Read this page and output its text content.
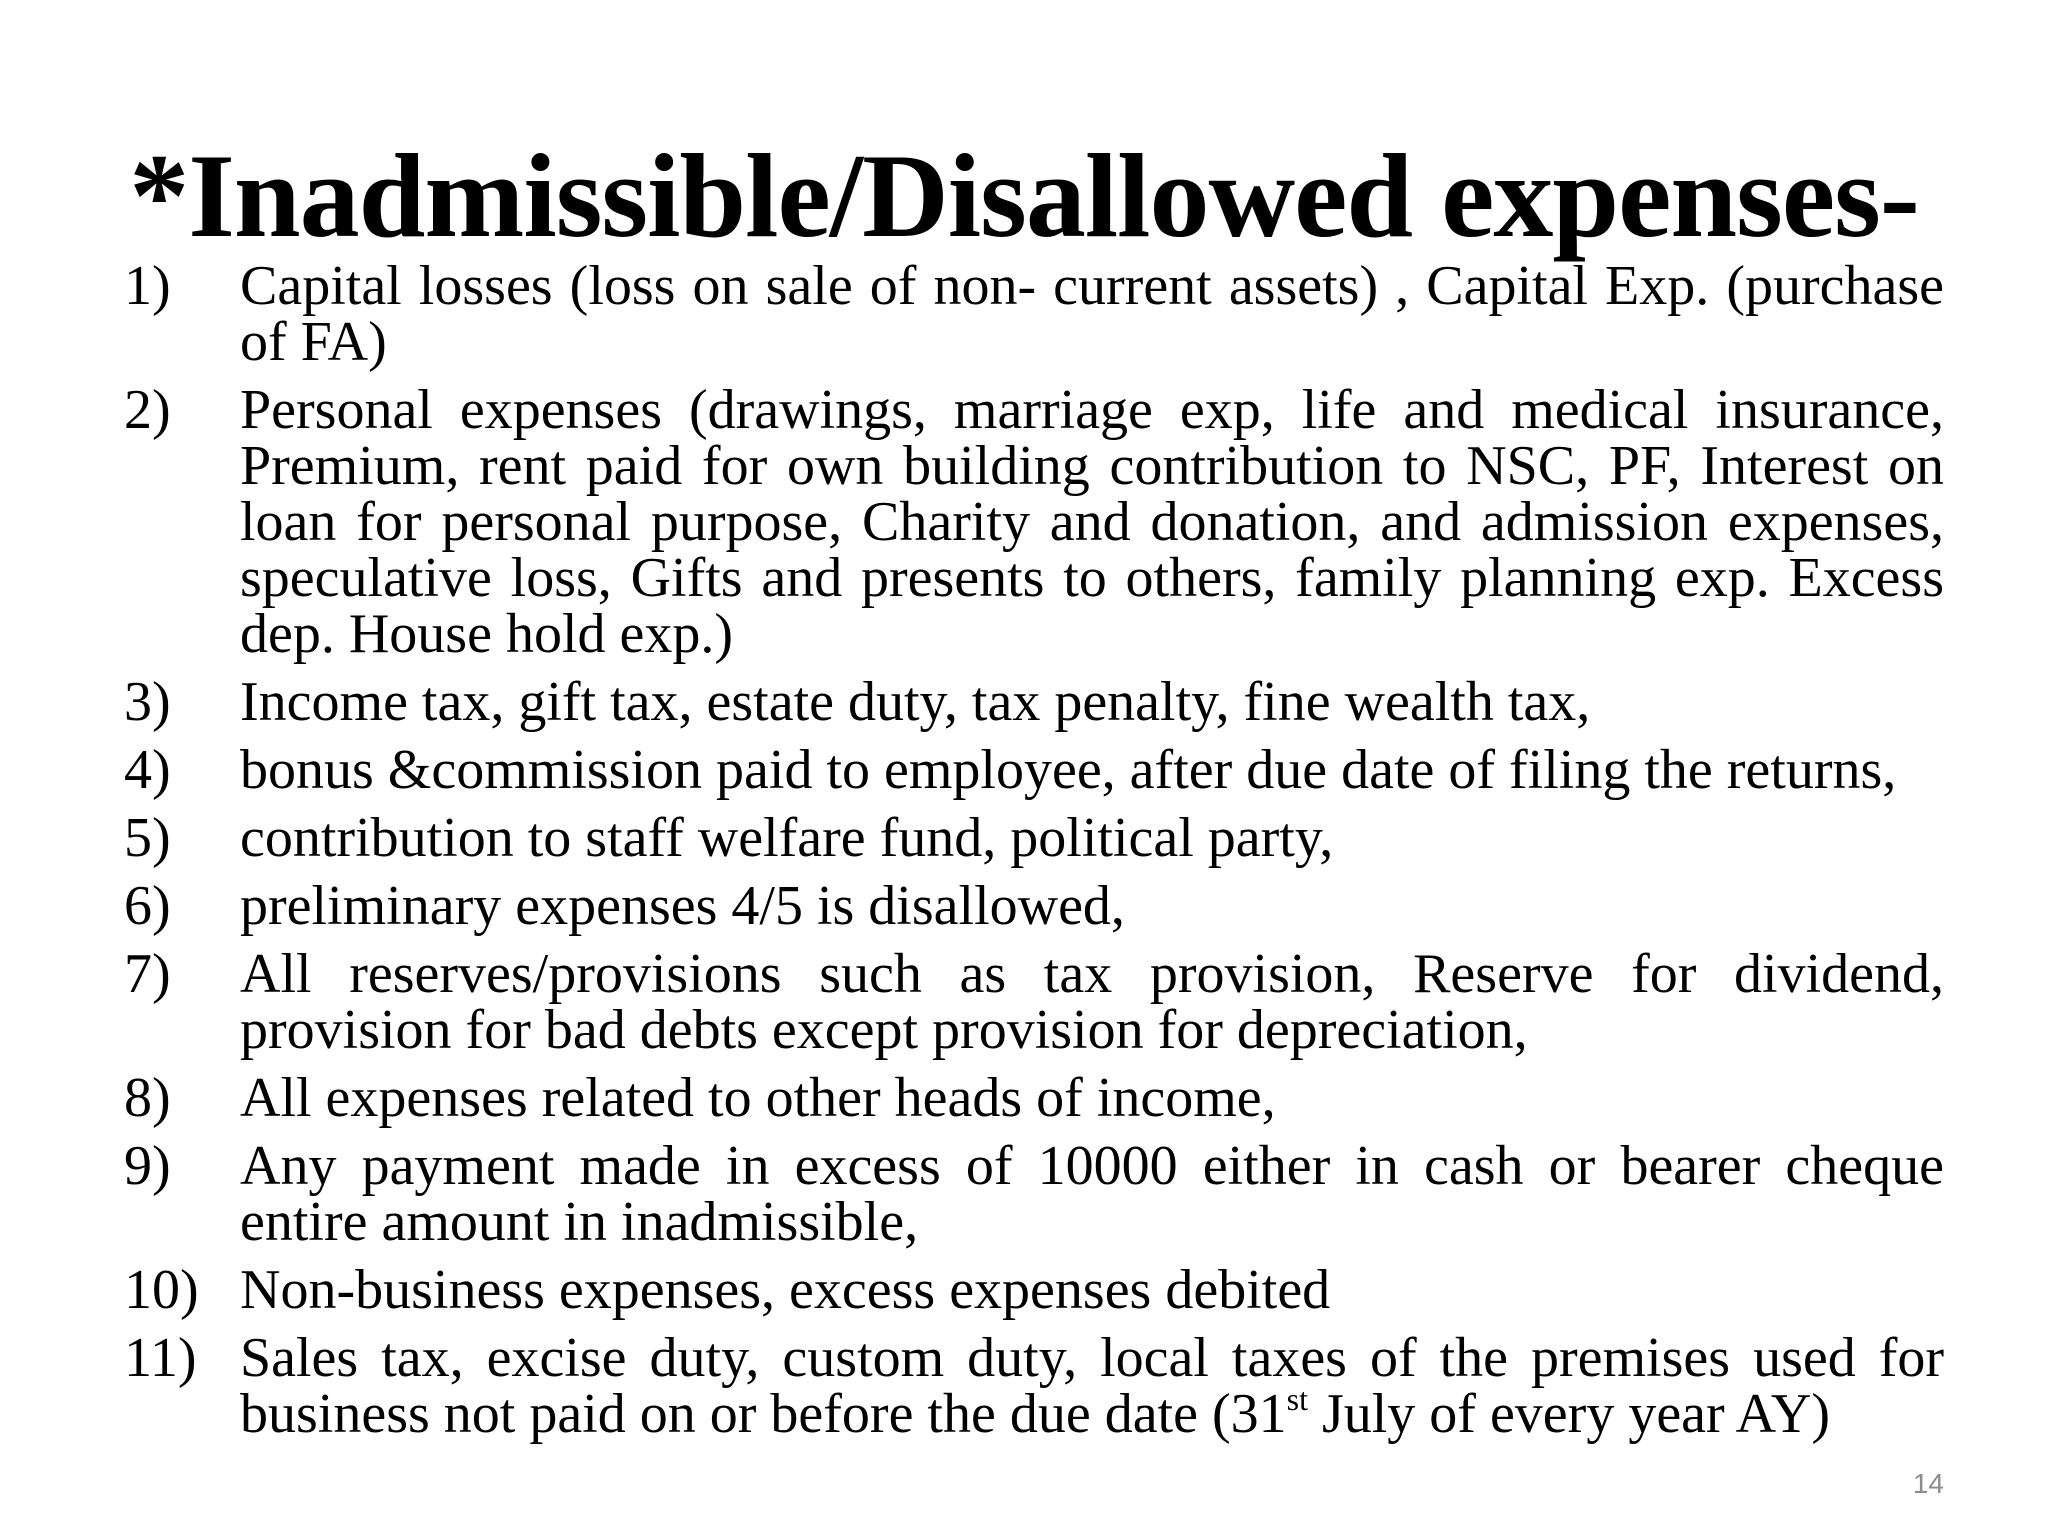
*Inadmissible/Disallowed expenses-
1)	Capital losses (loss on sale of non- current assets) , Capital Exp. (purchase of FA)
2)	Personal expenses (drawings, marriage exp, life and medical insurance, Premium, rent paid for own building contribution to NSC, PF, Interest on loan for personal purpose, Charity and donation, and admission expenses, speculative loss, Gifts and presents to others, family planning exp. Excess dep. House hold exp.)
3)	Income tax, gift tax, estate duty, tax penalty, fine wealth tax,
4)	bonus &commission paid to employee, after due date of filing the returns,
5)	contribution to staff welfare fund, political party,
6)	preliminary expenses 4/5 is disallowed,
7)	All reserves/provisions such as tax provision, Reserve for dividend, provision for bad debts except provision for depreciation,
8)	All expenses related to other heads of income,
9)	Any payment made in excess of 10000 either in cash or bearer cheque entire amount in inadmissible,
10) Non-business expenses, excess expenses debited
11) Sales tax, excise duty, custom duty, local taxes of the premises used for business not paid on or before the due date (31st July of every year AY)
14
